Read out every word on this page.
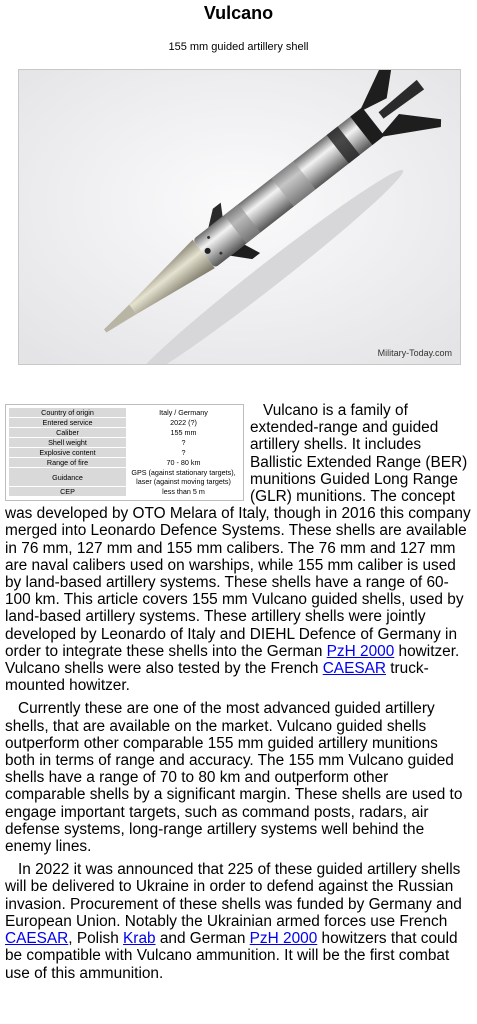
Vulcano
155 mm guided artillery shell
Military-Today.com
Country of origin	Italy / Germany
Entered service	2022 (?)
Caliber	155 mm
Shell weight	?
Explosive content	?
Range of fire	70 - 80 km
Guidance	GPS (against stationary targets), laser (against moving targets)
CEP	less than 5 m

Vulcano is a family of extended-range and guided artillery shells. It includes Ballistic Extended Range (BER) munitions Guided Long Range (GLR) munitions. The concept was developed by OTO Melara of Italy, though in 2016 this company merged into Leonardo Defence Systems. These shells are available in 76 mm, 127 mm and 155 mm calibers. The 76 mm and 127 mm are naval calibers used on warships, while 155 mm caliber is used by land-based artillery systems. These shells have a range of 60-100 km. This article covers 155 mm Vulcano guided shells, used by land-based artillery systems. These artillery shells were jointly developed by Leonardo of Italy and DIEHL Defence of Germany in order to integrate these shells into the German PzH 2000 howitzer. Vulcano shells were also tested by the French CAESAR truck-mounted howitzer.

Currently these are one of the most advanced guided artillery shells, that are available on the market. Vulcano guided shells outperform other comparable 155 mm guided artillery munitions both in terms of range and accuracy. The 155 mm Vulcano guided shells have a range of 70 to 80 km and outperform other comparable shells by a significant margin. These shells are used to engage important targets, such as command posts, radars, air defense systems, long-range artillery systems well behind the enemy lines.

In 2022 it was announced that 225 of these guided artillery shells will be delivered to Ukraine in order to defend against the Russian invasion. Procurement of these shells was funded by Germany and European Union. Notably the Ukrainian armed forces use French CAESAR, Polish Krab and German PzH 2000 howitzers that could be compatible with Vulcano ammunition. It will be the first combat use of this ammunition.
